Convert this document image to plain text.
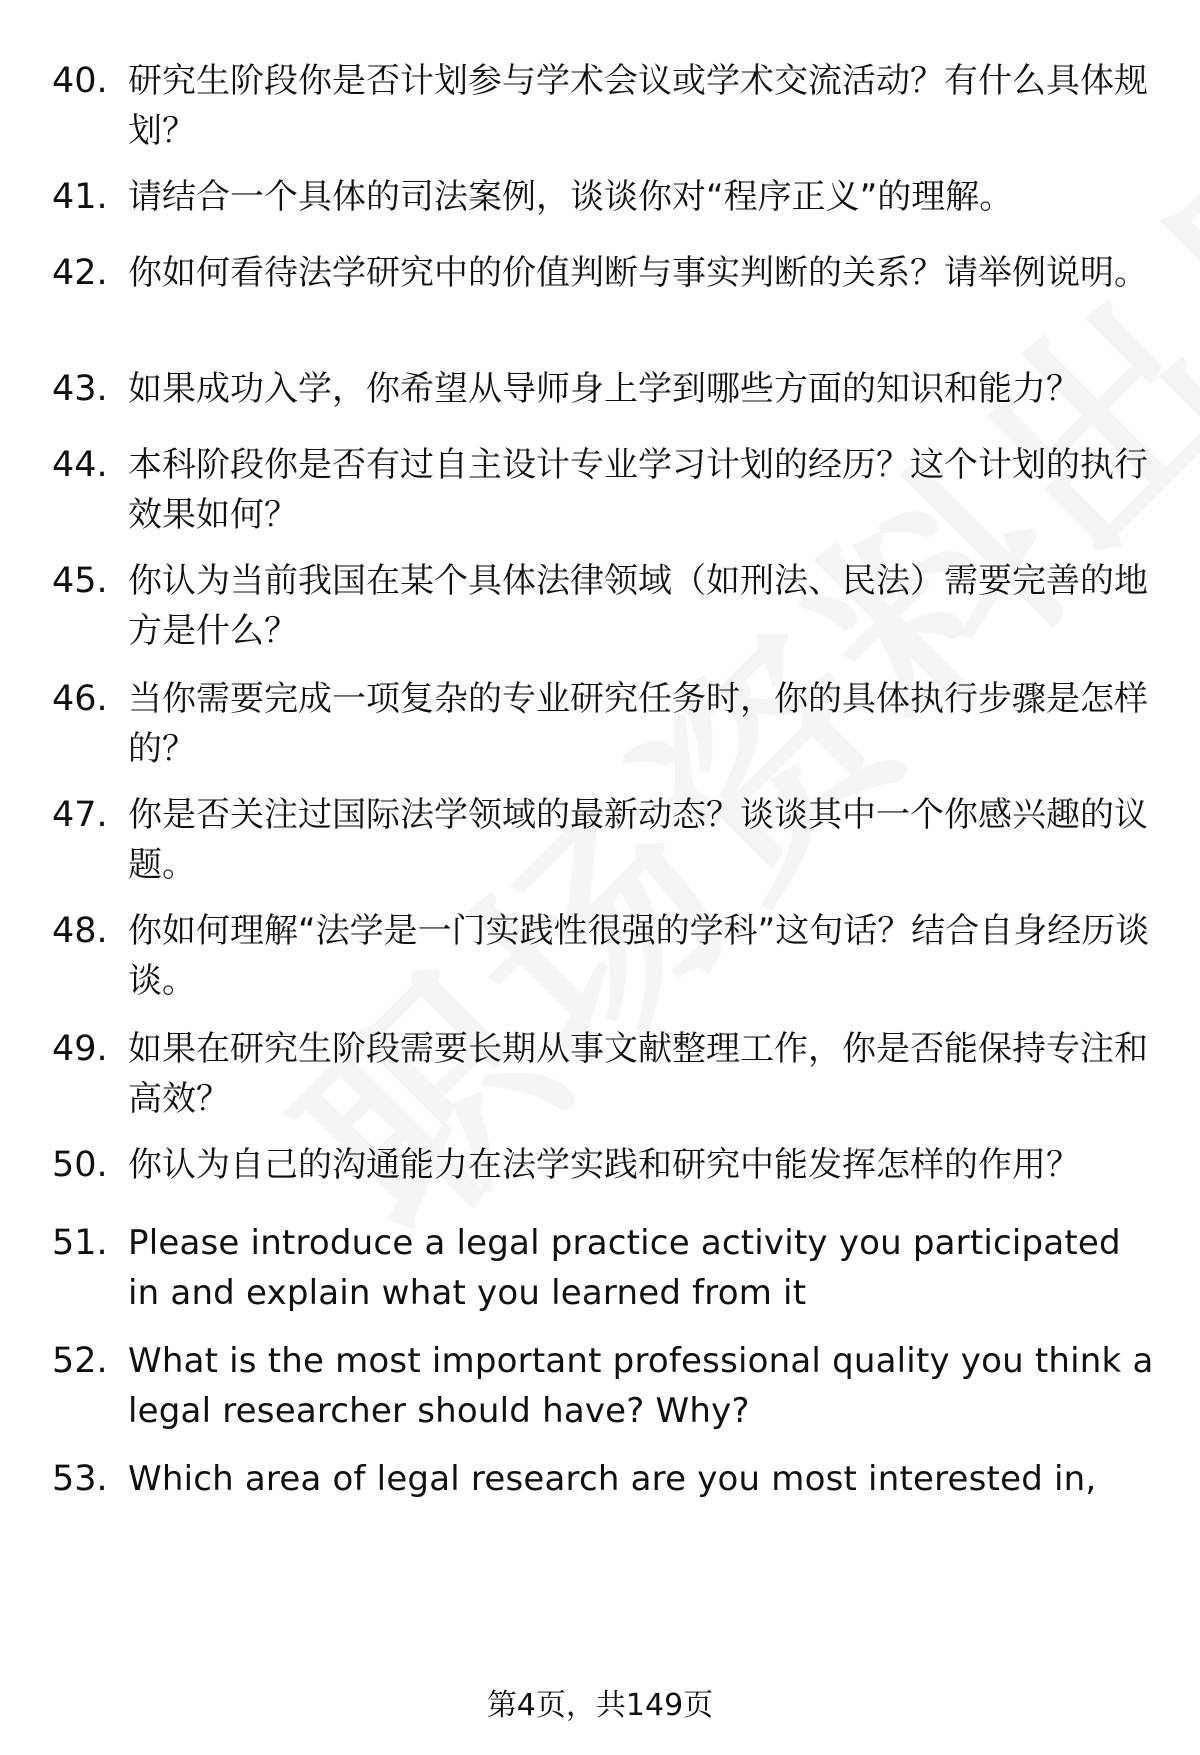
40. 研究生阶段你是否计划参与学术会议或学术交流活动？有什么具体规划？
41. 请结合一个具体的司法案例，谈谈你对“程序正义”的理解。
42. 你如何看待法学研究中的价值判断与事实判断的关系？请举例说明。
43. 如果成功入学，你希望从导师身上学到哪些方面的知识和能力？
44. 本科阶段你是否有过自主设计专业学习计划的经历？这个计划的执行效果如何？
45. 你认为当前我国在某个具体法律领域（如刑法、民法）需要完善的地方是什么？
46. 当你需要完成一项复杂的专业研究任务时，你的具体执行步骤是怎样的？
47. 你是否关注过国际法学领域的最新动态？谈谈其中一个你感兴趣的议题。
48. 你如何理解“法学是一门实践性很强的学科”这句话？结合自身经历谈谈。
49. 如果在研究生阶段需要长期从事文献整理工作，你是否能保持专注和高效？
50. 你认为自己的沟通能力在法学实践和研究中能发挥怎样的作用？
51. Please introduce a legal practice activity you participated in and explain what you learned from it
52. What is the most important professional quality you think a legal researcher should have? Why?
53. Which area of legal research are you most interested in,
第4页，共149页
